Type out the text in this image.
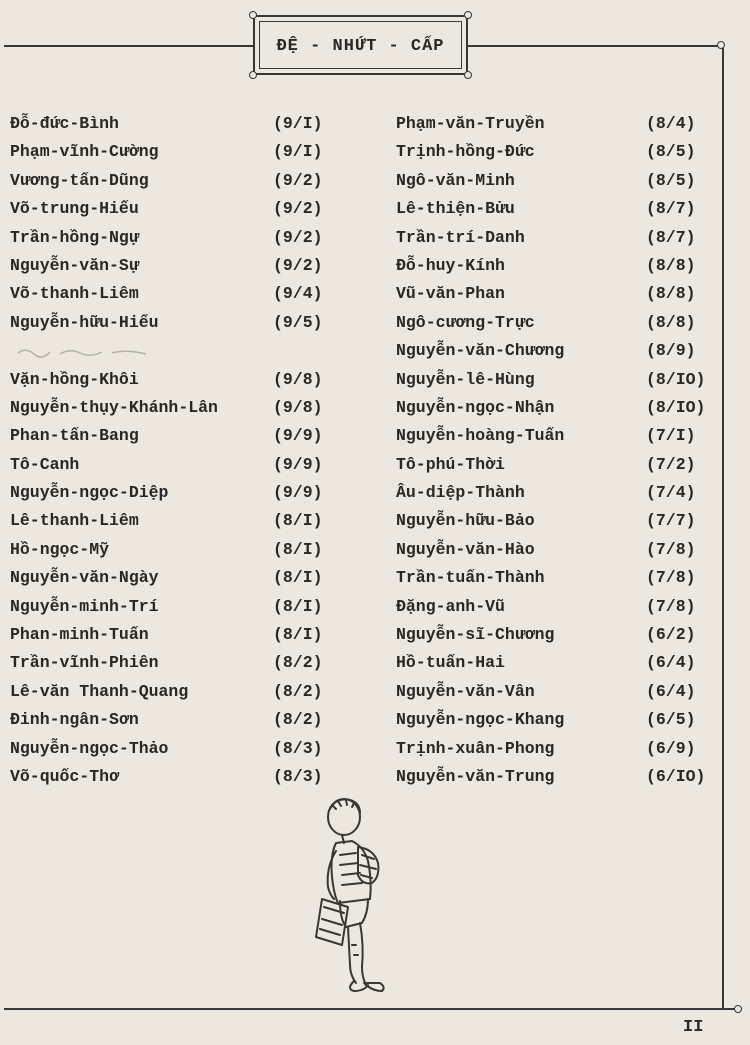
ĐỆ - NHỨT - CẤP
Đỗ-đức-Bình	(9/I)
Phạm-vĩnh-Cường	(9/I)
Vương-tấn-Dũng	(9/2)
Võ-trung-Hiếu	(9/2)
Trần-hồng-Ngự	(9/2)
Nguyễn-văn-Sự	(9/2)
Võ-thanh-Liêm	(9/4)
Nguyễn-hữu-Hiếu	(9/5)
Vặn-hồng-Khôi	(9/8)
Nguyễn-thụy-Khánh-Lân	(9/8)
Phan-tấn-Bang	(9/9)
Tô-Canh	(9/9)
Nguyễn-ngọc-Diệp	(9/9)
Lê-thanh-Liêm	(8/I)
Hồ-ngọc-Mỹ	(8/I)
Nguyễn-văn-Ngày	(8/I)
Nguyễn-minh-Trí	(8/I)
Phan-minh-Tuấn	(8/I)
Trần-vĩnh-Phiên	(8/2)
Lê-văn Thanh-Quang	(8/2)
Đinh-ngân-Sơn	(8/2)
Nguyễn-ngọc-Thảo	(8/3)
Võ-quốc-Thơ	(8/3)
Phạm-văn-Truyền	(8/4)
Trịnh-hồng-Đức	(8/5)
Ngô-văn-Minh	(8/5)
Lê-thiện-Bửu	(8/7)
Trần-trí-Danh	(8/7)
Đỗ-huy-Kính	(8/8)
Vũ-văn-Phan	(8/8)
Ngô-cương-Trực	(8/8)
Nguyễn-văn-Chương	(8/9)
Nguyễn-lê-Hùng	(8/IO)
Nguyễn-ngọc-Nhận	(8/IO)
Nguyễn-hoàng-Tuấn	(7/I)
Tô-phú-Thời	(7/2)
Âu-diệp-Thành	(7/4)
Nguyễn-hữu-Bảo	(7/7)
Nguyễn-văn-Hào	(7/8)
Trần-tuấn-Thành	(7/8)
Đặng-anh-Vũ	(7/8)
Nguyễn-sĩ-Chương	(6/2)
Hồ-tuấn-Hai	(6/4)
Nguyễn-văn-Vân	(6/4)
Nguyễn-ngọc-Khang	(6/5)
Trịnh-xuân-Phong	(6/9)
Nguyễn-văn-Trung	(6/IO)
II
